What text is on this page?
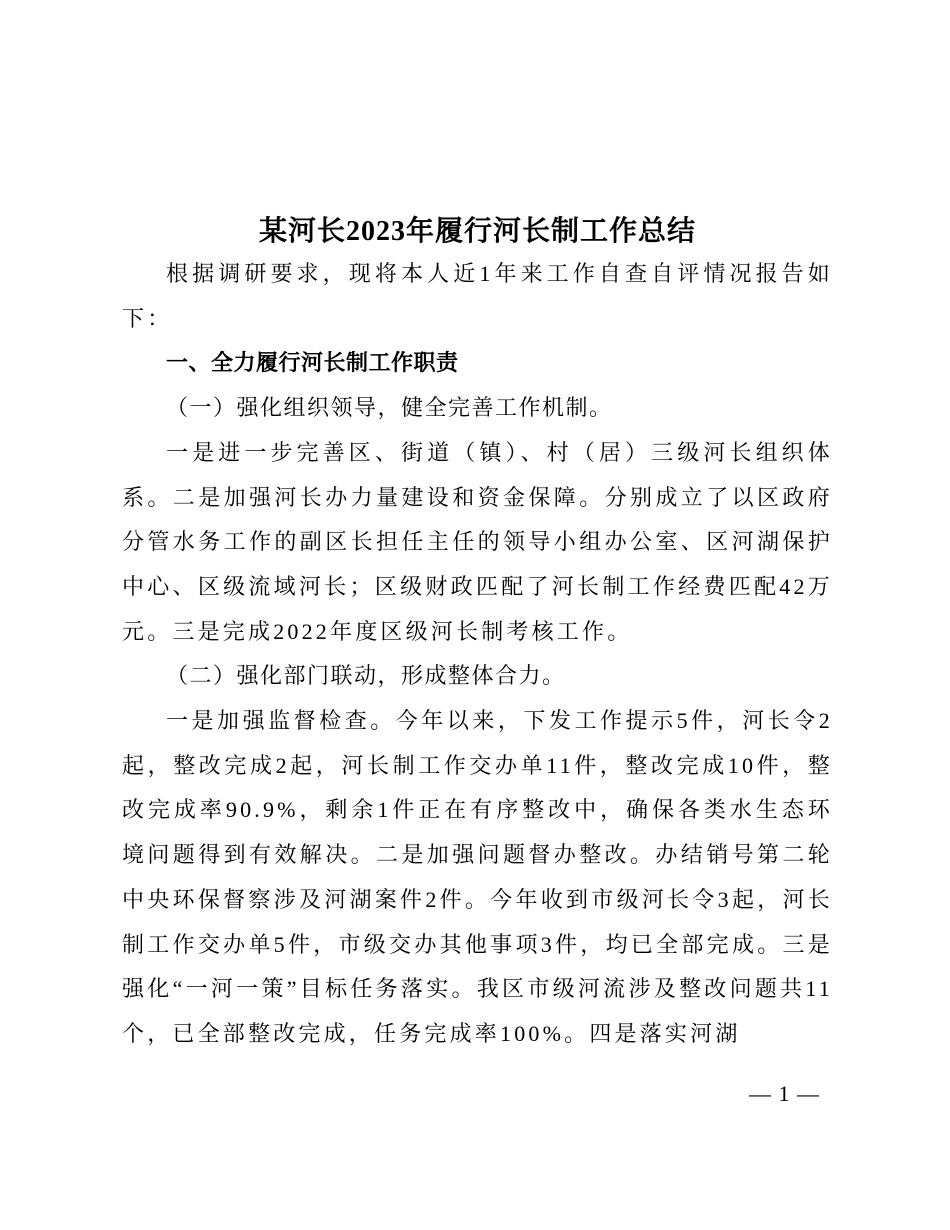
某河长2023年履行河长制工作总结
根据调研要求，现将本人近1年来工作自查自评情况报告如下：
一、全力履行河长制工作职责
（一）强化组织领导，健全完善工作机制。
一是进一步完善区、街道（镇）、村（居）三级河长组织体系。二是加强河长办力量建设和资金保障。分别成立了以区政府分管水务工作的副区长担任主任的领导小组办公室、区河湖保护中心、区级流域河长；区级财政匹配了河长制工作经费匹配42万元。三是完成2022年度区级河长制考核工作。
（二）强化部门联动，形成整体合力。
一是加强监督检查。今年以来，下发工作提示5件，河长令2起，整改完成2起，河长制工作交办单11件，整改完成10件，整改完成率90.9%，剩余1件正在有序整改中，确保各类水生态环境问题得到有效解决。二是加强问题督办整改。办结销号第二轮中央环保督察涉及河湖案件2件。今年收到市级河长令3起，河长制工作交办单5件，市级交办其他事项3件，均已全部完成。三是强化“一河一策”目标任务落实。我区市级河流涉及整改问题共11个，已全部整改完成，任务完成率100%。四是落实河湖
— 1 —
